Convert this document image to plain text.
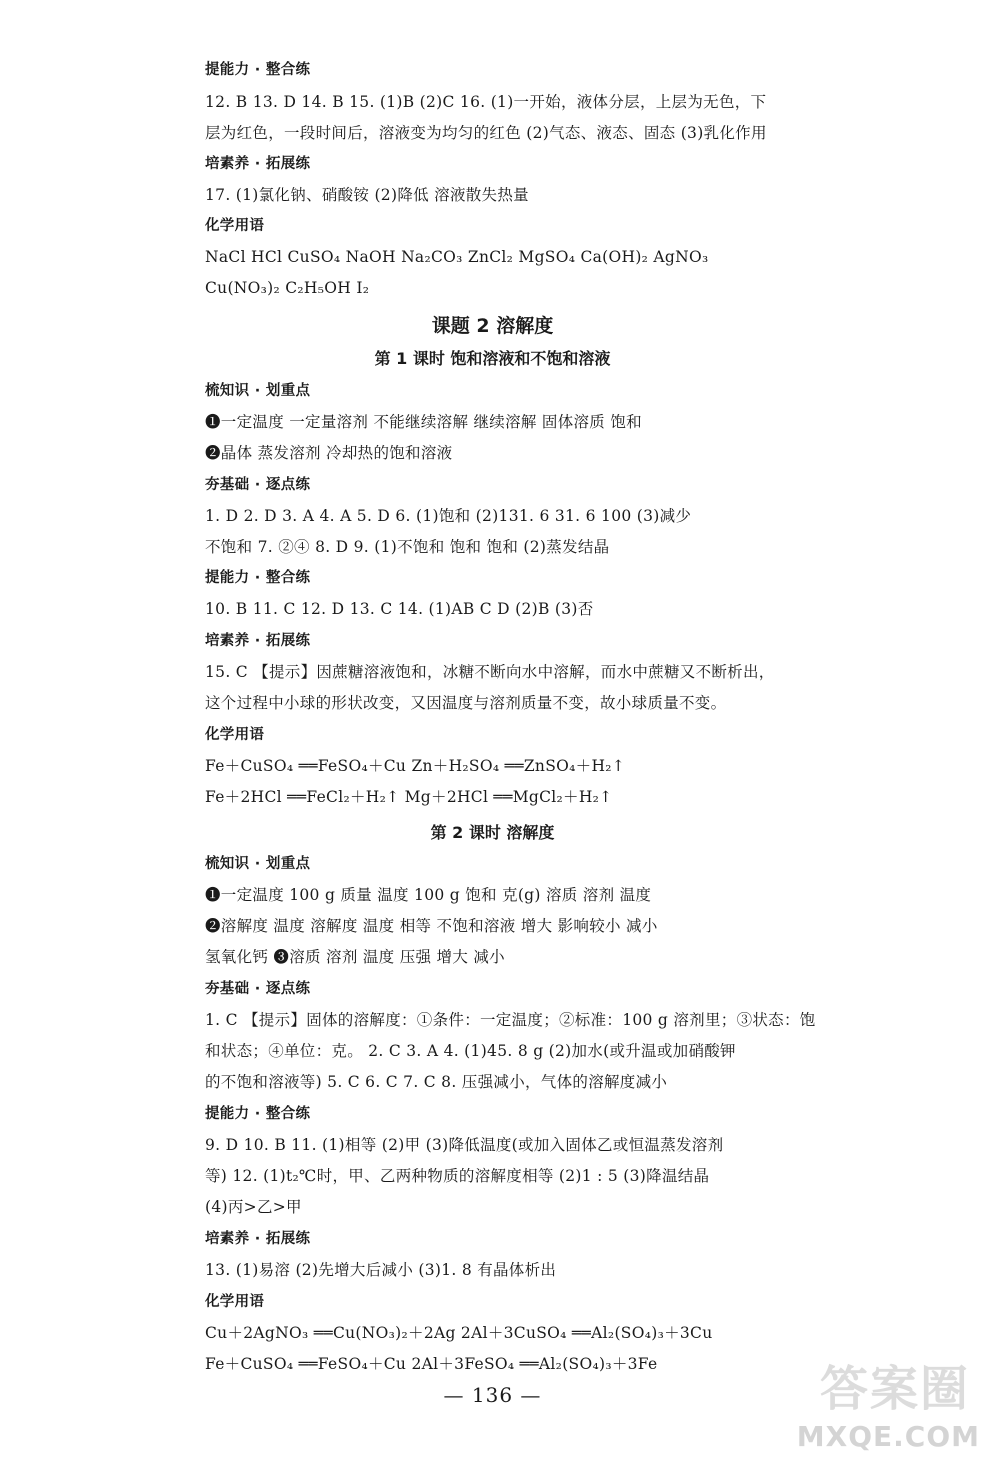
提能力 · 整合练
12. B 13. D 14. B 15. (1)B (2)C 16. (1)一开始，液体分层，上层为无色，下
层为红色，一段时间后，溶液变为均匀的红色 (2)气态、液态、固态 (3)乳化作用
培素养 · 拓展练
17. (1)氯化钠、硝酸铵 (2)降低 溶液散失热量
化学用语
NaCl HCl CuSO₄ NaOH Na₂CO₃ ZnCl₂ MgSO₄ Ca(OH)₂ AgNO₃
Cu(NO₃)₂ C₂H₅OH I₂
课题 2 溶解度
第 1 课时 饱和溶液和不饱和溶液
梳知识 · 划重点
❶一定温度 一定量溶剂 不能继续溶解 继续溶解 固体溶质 饱和
❷晶体 蒸发溶剂 冷却热的饱和溶液
夯基础 · 逐点练
1. D 2. D 3. A 4. A 5. D 6. (1)饱和 (2)131. 6 31. 6 100 (3)减少
不饱和 7. ②④ 8. D 9. (1)不饱和 饱和 饱和 (2)蒸发结晶
提能力 · 整合练
10. B 11. C 12. D 13. C 14. (1)AB C D (2)B (3)否
培素养 · 拓展练
15. C 【提示】因蔗糖溶液饱和，冰糖不断向水中溶解，而水中蔗糖又不断析出，
这个过程中小球的形状改变，又因温度与溶剂质量不变，故小球质量不变。
化学用语
Fe＋CuSO₄ ══FeSO₄＋Cu Zn＋H₂SO₄ ══ZnSO₄＋H₂↑
Fe＋2HCl ══FeCl₂＋H₂↑ Mg＋2HCl ══MgCl₂＋H₂↑
第 2 课时 溶解度
梳知识 · 划重点
❶一定温度 100 g 质量 温度 100 g 饱和 克(g) 溶质 溶剂 温度
❷溶解度 温度 溶解度 温度 相等 不饱和溶液 增大 影响较小 减小
氢氧化钙 ❸溶质 溶剂 温度 压强 增大 减小
夯基础 · 逐点练
1. C 【提示】固体的溶解度：①条件：一定温度；②标准：100 g 溶剂里；③状态：饱
和状态；④单位：克。 2. C 3. A 4. (1)45. 8 g (2)加水(或升温或加硝酸钾
的不饱和溶液等) 5. C 6. C 7. C 8. 压强减小，气体的溶解度减小
提能力 · 整合练
9. D 10. B 11. (1)相等 (2)甲 (3)降低温度(或加入固体乙或恒温蒸发溶剂
等) 12. (1)t₂℃时，甲、乙两种物质的溶解度相等 (2)1 : 5 (3)降温结晶
(4)丙>乙>甲
培素养 · 拓展练
13. (1)易溶 (2)先增大后减小 (3)1. 8 有晶体析出
化学用语
Cu＋2AgNO₃ ══Cu(NO₃)₂＋2Ag 2Al＋3CuSO₄ ══Al₂(SO₄)₃＋3Cu
Fe＋CuSO₄ ══FeSO₄＋Cu 2Al＋3FeSO₄ ══Al₂(SO₄)₃＋3Fe
— 136 —	答案圈
MXQE.COM
